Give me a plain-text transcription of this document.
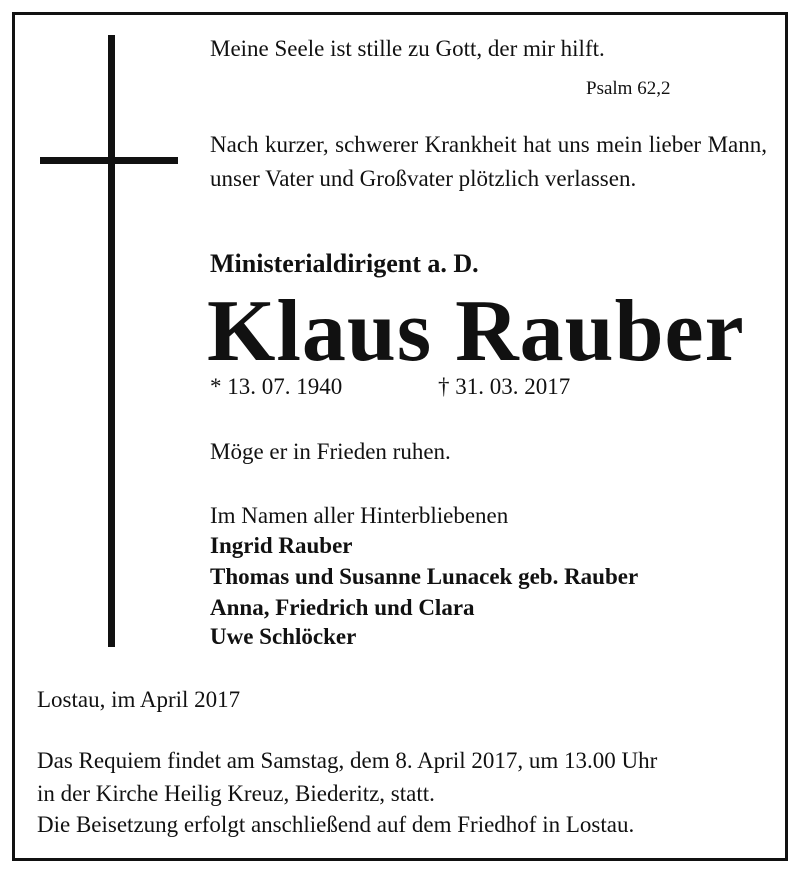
Meine Seele ist stille zu Gott, der mir hilft.
Psalm 62,2
Nach kurzer, schwerer Krankheit hat uns mein lieber Mann, unser Vater und Großvater plötzlich verlassen.
Ministerialdirigent a. D.
Klaus Rauber
* 13. 07. 1940	† 31. 03. 2017
Möge er in Frieden ruhen.
Im Namen aller Hinterbliebenen
Ingrid Rauber
Thomas und Susanne Lunacek geb. Rauber
Anna, Friedrich und Clara
Uwe Schlöcker
Lostau, im April 2017
Das Requiem findet am Samstag, dem 8. April 2017, um 13.00 Uhr
in der Kirche Heilig Kreuz, Biederitz, statt.
Die Beisetzung erfolgt anschließend auf dem Friedhof in Lostau.
